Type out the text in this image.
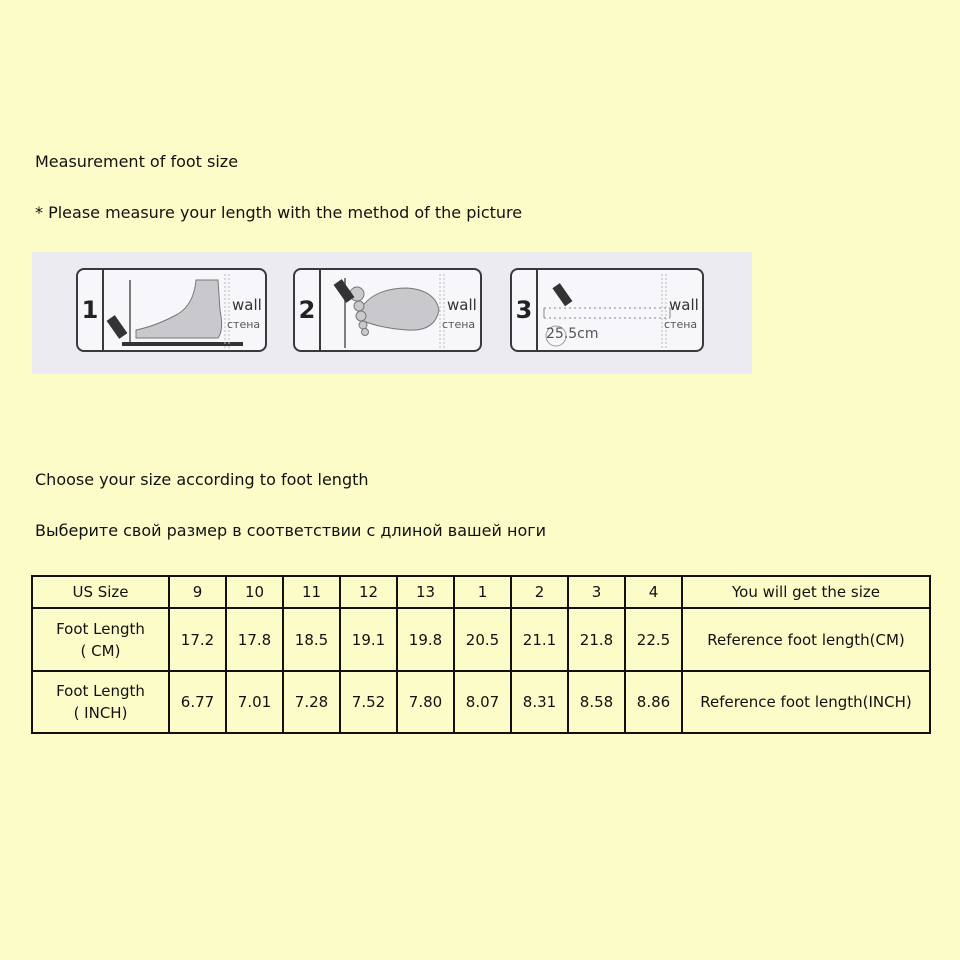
Measurement of foot size
* Please measure your length with the method of the picture
1	wall
стена
2	wall
стена
3
25.5cm
wall
стена
Choose your size according to foot length
Выберите свой размер в соответствии с длиной вашей ноги
US Size	9	10	11	12	13	1	2	3	4	You will get the size
Foot Length
( CM)	17.2	17.8	18.5	19.1	19.8	20.5	21.1	21.8	22.5	Reference foot length(CM)
Foot Length
( INCH)	6.77	7.01	7.28	7.52	7.80	8.07	8.31	8.58	8.86	Reference foot length(INCH)
